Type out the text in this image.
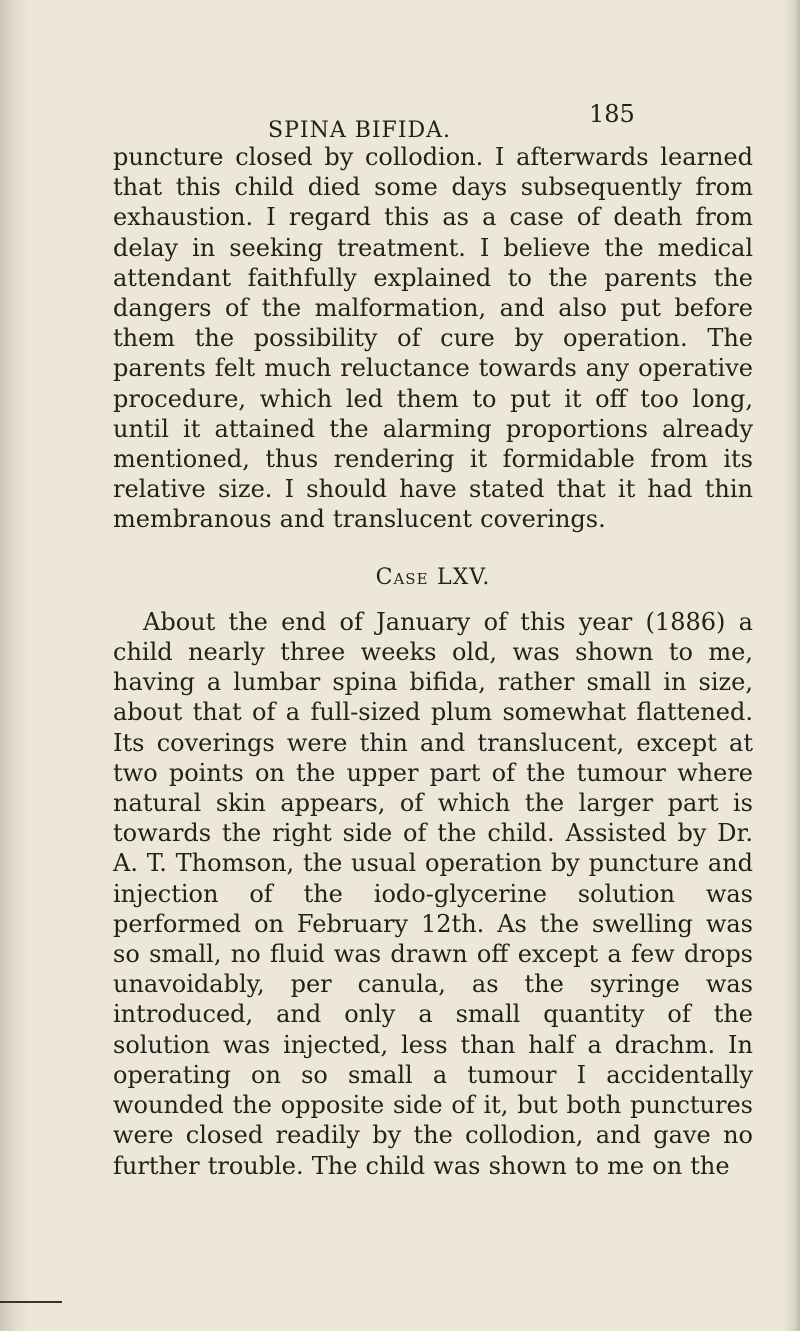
SPINA BIFIDA.
185

puncture closed by collodion. I afterwards learned that this child died some days subsequently from exhaustion. I regard this as a case of death from delay in seeking treatment. I believe the medical attendant faithfully explained to the parents the dangers of the malformation, and also put before them the possibility of cure by operation. The parents felt much reluctance towards any operative procedure, which led them to put it off too long, until it attained the alarming proportions already mentioned, thus rendering it formidable from its relative size. I should have stated that it had thin membranous and translucent coverings.

Case LXV.

About the end of January of this year (1886) a child nearly three weeks old, was shown to me, having a lumbar spina bifida, rather small in size, about that of a full-sized plum somewhat flattened. Its coverings were thin and translucent, except at two points on the upper part of the tumour where natural skin appears, of which the larger part is towards the right side of the child. Assisted by Dr. A. T. Thomson, the usual operation by puncture and injection of the iodo-glycerine solution was performed on February 12th. As the swelling was so small, no fluid was drawn off except a few drops unavoidably, per canula, as the syringe was introduced, and only a small quantity of the solution was injected, less than half a drachm. In operating on so small a tumour I accidentally wounded the opposite side of it, but both punctures were closed readily by the collodion, and gave no further trouble. The child was shown to me on the
